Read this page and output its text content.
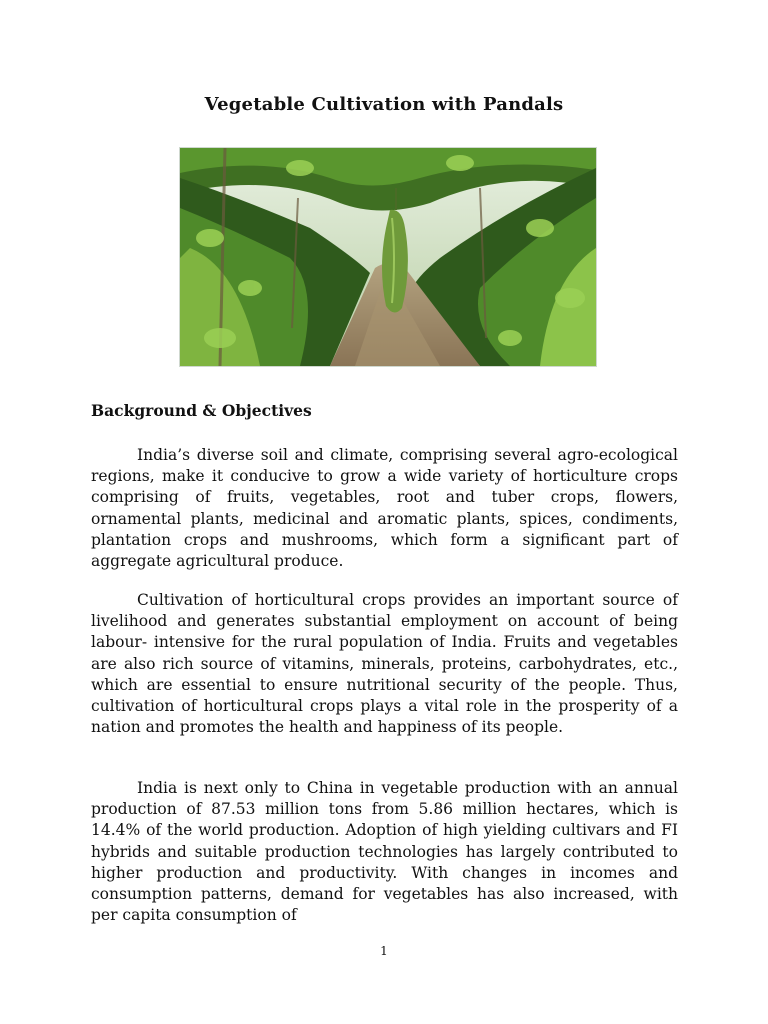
Vegetable Cultivation with Pandals
Background & Objectives

India’s diverse soil and climate, comprising several agro-ecological regions, make it conducive to grow a wide variety of horticulture crops comprising of fruits, vegetables, root and tuber crops, flowers, ornamental plants, medicinal and aromatic plants, spices, condiments, plantation crops and mushrooms, which form a significant part of aggregate agricultural produce.

Cultivation of horticultural crops provides an important source of livelihood and generates substantial employment on account of being labour- intensive for the rural population of India. Fruits and vegetables are also rich source of vitamins, minerals, proteins, carbohydrates, etc., which are essential to ensure nutritional security of the people. Thus, cultivation of horticultural crops plays a vital role in the prosperity of a nation and promotes the health and happiness of its people.

India is next only to China in vegetable production with an annual production of 87.53 million tons from 5.86 million hectares, which is 14.4% of the world production. Adoption of high yielding cultivars and FI hybrids and suitable production technologies has largely contributed to higher production and productivity. With changes in incomes and consumption patterns, demand for vegetables has also increased, with per capita consumption of

1
